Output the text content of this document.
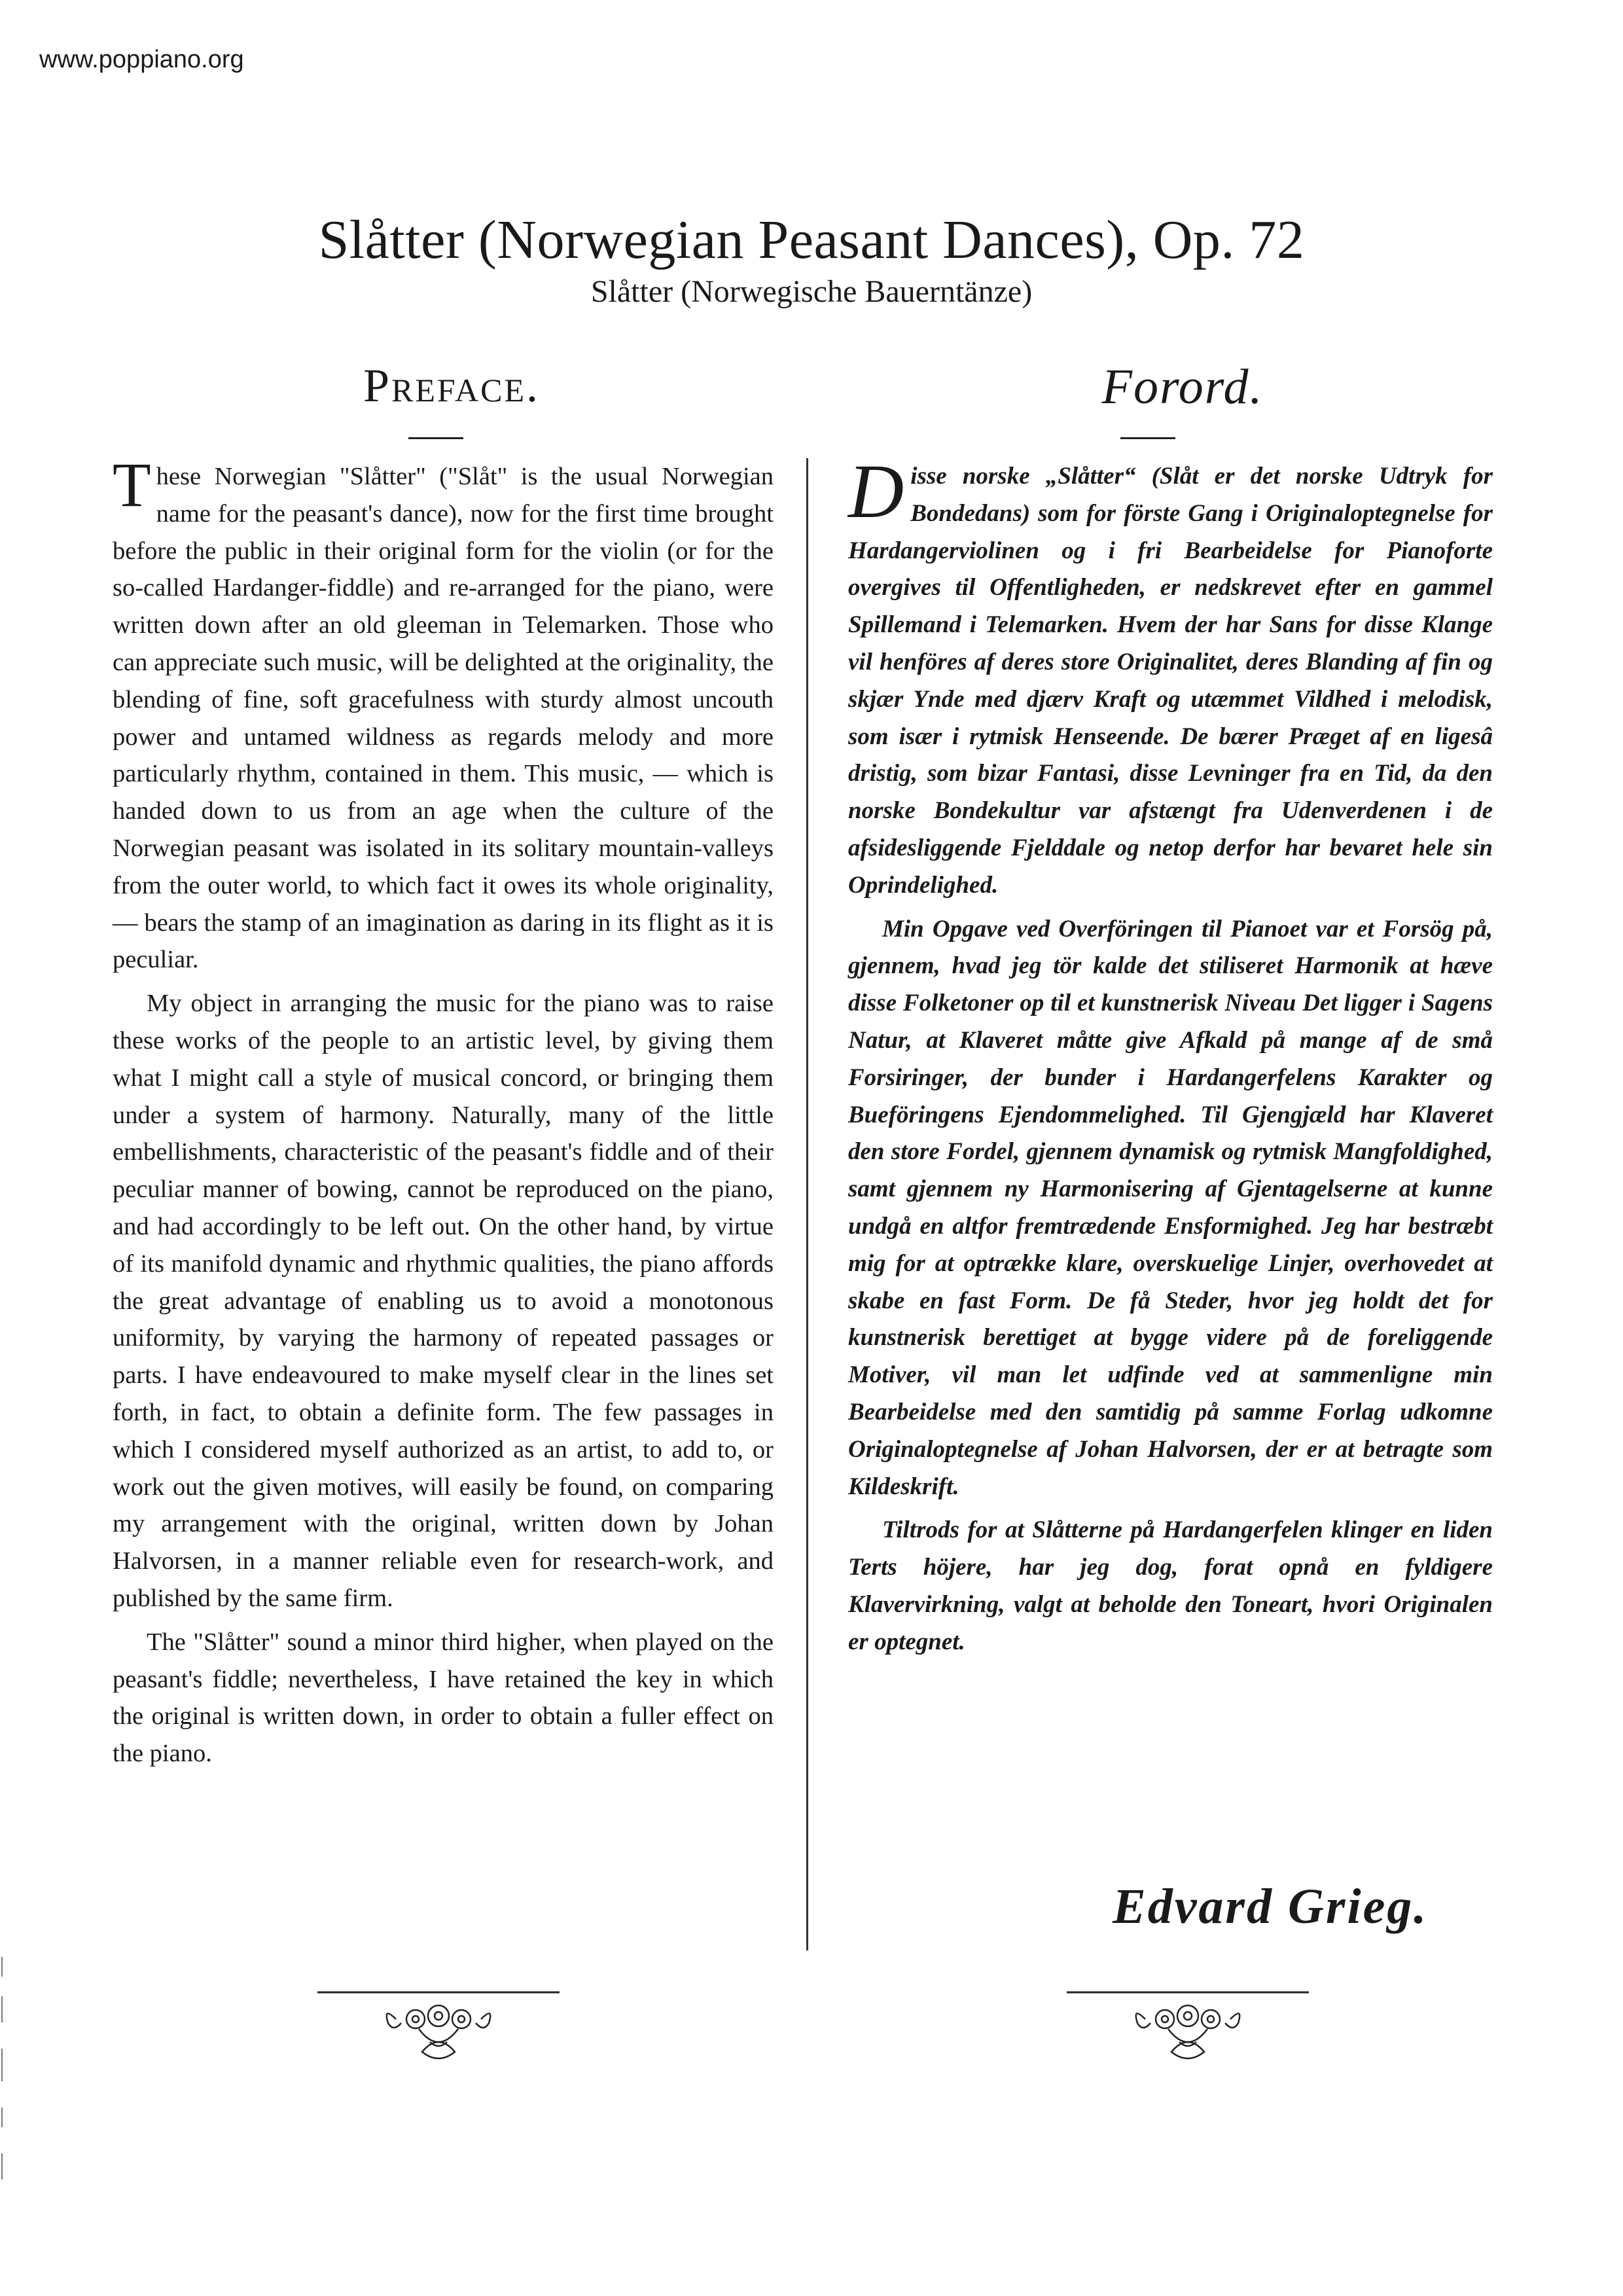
www.poppiano.org
Slåtter (Norwegian Peasant Dances), Op. 72
Slåtter (Norwegische Bauerntänze)
Preface.	Forord.

These Norwegian "Slåtter" ("Slåt" is the usual Norwegian name for the peasant's dance), now for the first time brought before the public in their original form for the violin (or for the so-called Hardanger-fiddle) and re-arranged for the piano, were written down after an old gleeman in Telemarken. Those who can appreciate such music, will be delighted at the originality, the blending of fine, soft gracefulness with sturdy almost uncouth power and untamed wildness as regards melody and more particularly rhythm, contained in them. This music, — which is handed down to us from an age when the culture of the Norwegian peasant was isolated in its solitary mountain-valleys from the outer world, to which fact it owes its whole originality, — bears the stamp of an imagination as daring in its flight as it is peculiar.

My object in arranging the music for the piano was to raise these works of the people to an artistic level, by giving them what I might call a style of musical concord, or bringing them under a system of harmony. Naturally, many of the little embellishments, characteristic of the peasant's fiddle and of their peculiar manner of bowing, cannot be reproduced on the piano, and had accordingly to be left out. On the other hand, by virtue of its manifold dynamic and rhythmic qualities, the piano affords the great advantage of enabling us to avoid a monotonous uniformity, by varying the harmony of repeated passages or parts. I have endeavoured to make myself clear in the lines set forth, in fact, to obtain a definite form. The few passages in which I considered myself authorized as an artist, to add to, or work out the given motives, will easily be found, on comparing my arrangement with the original, written down by Johan Halvorsen, in a manner reliable even for research-work, and published by the same firm.

The "Slåtter" sound a minor third higher, when played on the peasant's fiddle; nevertheless, I have retained the key in which the original is written down, in order to obtain a fuller effect on the piano.

Disse norske „Slåtter“ (Slåt er det norske Udtryk for Bondedans) som for förste Gang i Originaloptegnelse for Hardangerviolinen og i fri Bearbeidelse for Pianoforte overgives til Offentligheden, er nedskrevet efter en gammel Spillemand i Telemarken. Hvem der har Sans for disse Klange vil henföres af deres store Originalitet, deres Blanding af fin og skjær Ynde med djærv Kraft og utæmmet Vildhed i melodisk, som især i rytmisk Henseende. De bærer Præget af en ligesâ dristig, som bizar Fantasi, disse Levninger fra en Tid, da den norske Bondekultur var afstængt fra Udenverdenen i de afsidesliggende Fjelddale og netop derfor har bevaret hele sin Oprindelighed.

Min Opgave ved Overföringen til Pianoet var et Forsög på, gjennem, hvad jeg tör kalde det stiliseret Harmonik at hæve disse Folketoner op til et kunstnerisk Niveau Det ligger i Sagens Natur, at Klaveret måtte give Afkald på mange af de små Forsiringer, der bunder i Hardangerfelens Karakter og Bueföringens Ejendommelighed. Til Gjengjæld har Klaveret den store Fordel, gjennem dynamisk og rytmisk Mangfoldighed, samt gjennem ny Harmonisering af Gjentagelserne at kunne undgå en altfor fremtrædende Ensformighed. Jeg har bestræbt mig for at optrække klare, overskuelige Linjer, overhovedet at skabe en fast Form. De få Steder, hvor jeg holdt det for kunstnerisk berettiget at bygge videre på de foreliggende Motiver, vil man let udfinde ved at sammenligne min Bearbeidelse med den samtidig på samme Forlag udkomne Originaloptegnelse af Johan Halvorsen, der er at betragte som Kildeskrift.

Tiltrods for at Slåtterne på Hardangerfelen klinger en liden Terts höjere, har jeg dog, forat opnå en fyldigere Klavervirkning, valgt at beholde den Toneart, hvori Originalen er optegnet.

Edvard Grieg.
